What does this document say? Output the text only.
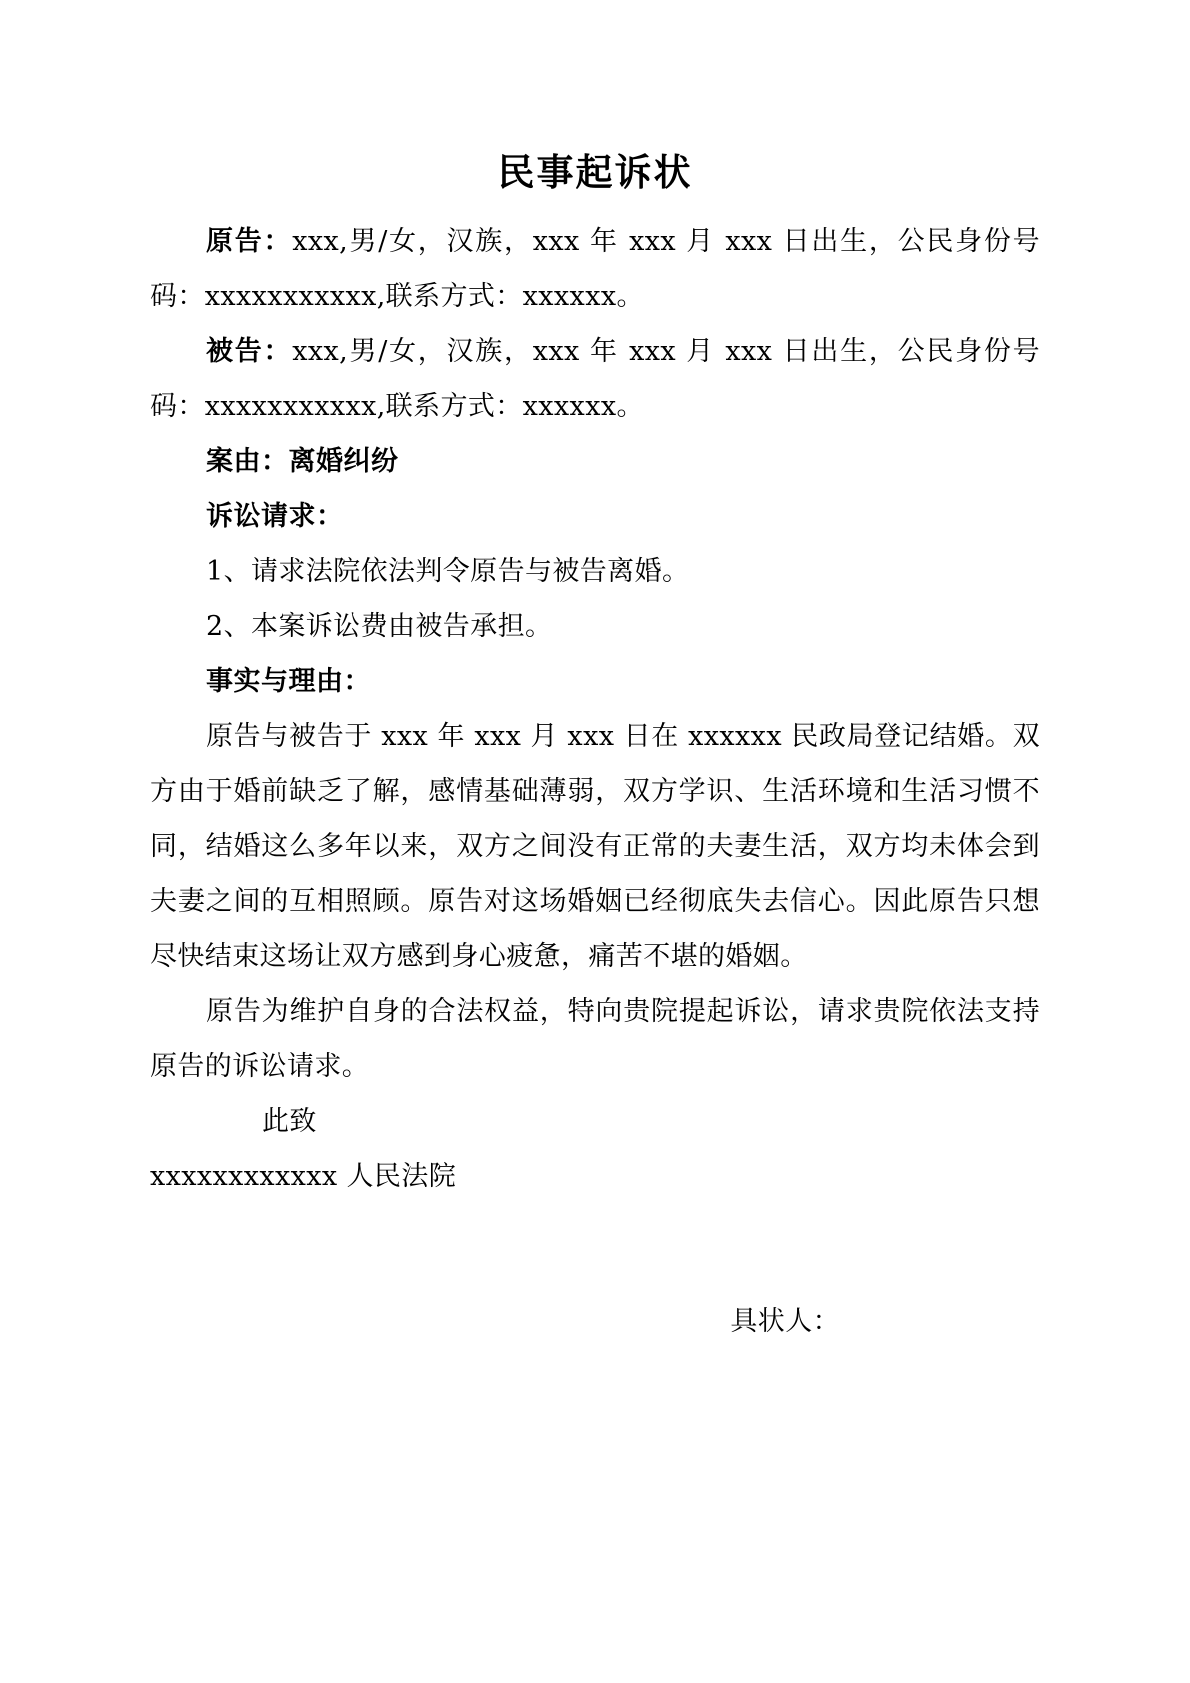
民事起诉状

原告：xxx,男/女，汉族，xxx 年 xxx 月 xxx 日出生，公民身份号码：xxxxxxxxxxx,联系方式：xxxxxx。

被告：xxx,男/女，汉族，xxx 年 xxx 月 xxx 日出生，公民身份号码：xxxxxxxxxxx,联系方式：xxxxxx。

案由：离婚纠纷

诉讼请求：

1、请求法院依法判令原告与被告离婚。

2、本案诉讼费由被告承担。

事实与理由：

原告与被告于 xxx 年 xxx 月 xxx 日在 xxxxxx 民政局登记结婚。双方由于婚前缺乏了解，感情基础薄弱，双方学识、生活环境和生活习惯不同，结婚这么多年以来，双方之间没有正常的夫妻生活，双方均未体会到夫妻之间的互相照顾。原告对这场婚姻已经彻底失去信心。因此原告只想尽快结束这场让双方感到身心疲惫，痛苦不堪的婚姻。

原告为维护自身的合法权益，特向贵院提起诉讼，请求贵院依法支持原告的诉讼请求。

此致

xxxxxxxxxxxx 人民法院

具状人：
